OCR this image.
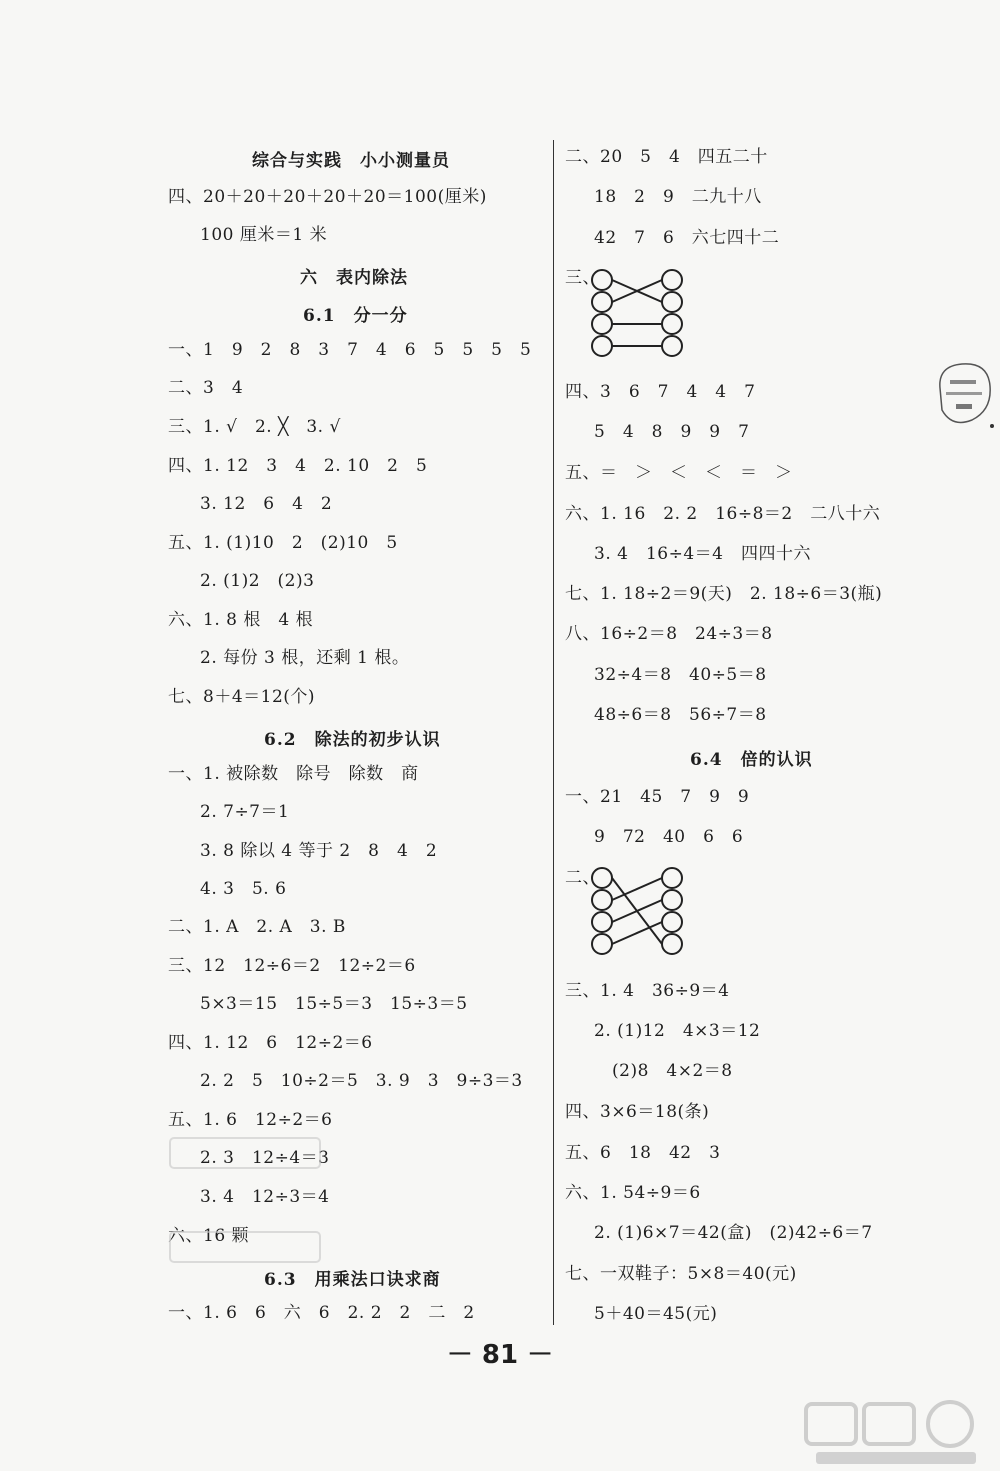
综合与实践　小小测量员
四、20＋20＋20＋20＋20＝100(厘米)
100 厘米＝1 米
六　表内除法
6.1　分一分
一、1　9　2　8　3　7　4　6　5　5　5　5
二、3　4
三、1. √　2. ╳　3. √
四、1. 12　3　4　2. 10　2　5
3. 12　6　4　2
五、1. (1)10　2　(2)10　5
2. (1)2　(2)3
六、1. 8 根　4 根
2. 每份 3 根，还剩 1 根。
七、8＋4＝12(个)
6.2　除法的初步认识
一、1. 被除数　除号　除数　商
2. 7÷7＝1
3. 8 除以 4 等于 2　8　4　2
4. 3　5. 6
二、1. A　2. A　3. B
三、12　12÷6＝2　12÷2＝6
5×3＝15　15÷5＝3　15÷3＝5
四、1. 12　6　12÷2＝6
2. 2　5　10÷2＝5　3. 9　3　9÷3＝3
五、1. 6　12÷2＝6
2. 3　12÷4＝3
3. 4　12÷3＝4
六、16 颗
6.3　用乘法口诀求商
一、1. 6　6　六　6　2. 2　2　二　2
二、20　5　4　四五二十
18　2　9　二九十八
42　7　6　六七四十二
三、
四、3　6　7　4　4　7
5　4　8　9　9　7
五、＝　＞　＜　＜　＝　＞
六、1. 16　2. 2　16÷8＝2　二八十六
3. 4　16÷4＝4　四四十六
七、1. 18÷2＝9(天)　2. 18÷6＝3(瓶)
八、16÷2＝8　24÷3＝8
32÷4＝8　40÷5＝8
48÷6＝8　56÷7＝8
6.4　倍的认识
一、21　45　7　9　9
9　72　40　6　6
二、
三、1. 4　36÷9＝4
2. (1)12　4×3＝12
(2)8　4×2＝8
四、3×6＝18(条)
五、6　18　42　3
六、1. 54÷9＝6
2. (1)6×7＝42(盒)　(2)42÷6＝7
七、一双鞋子：5×8＝40(元)
5＋40＝45(元)
－ 81 －
